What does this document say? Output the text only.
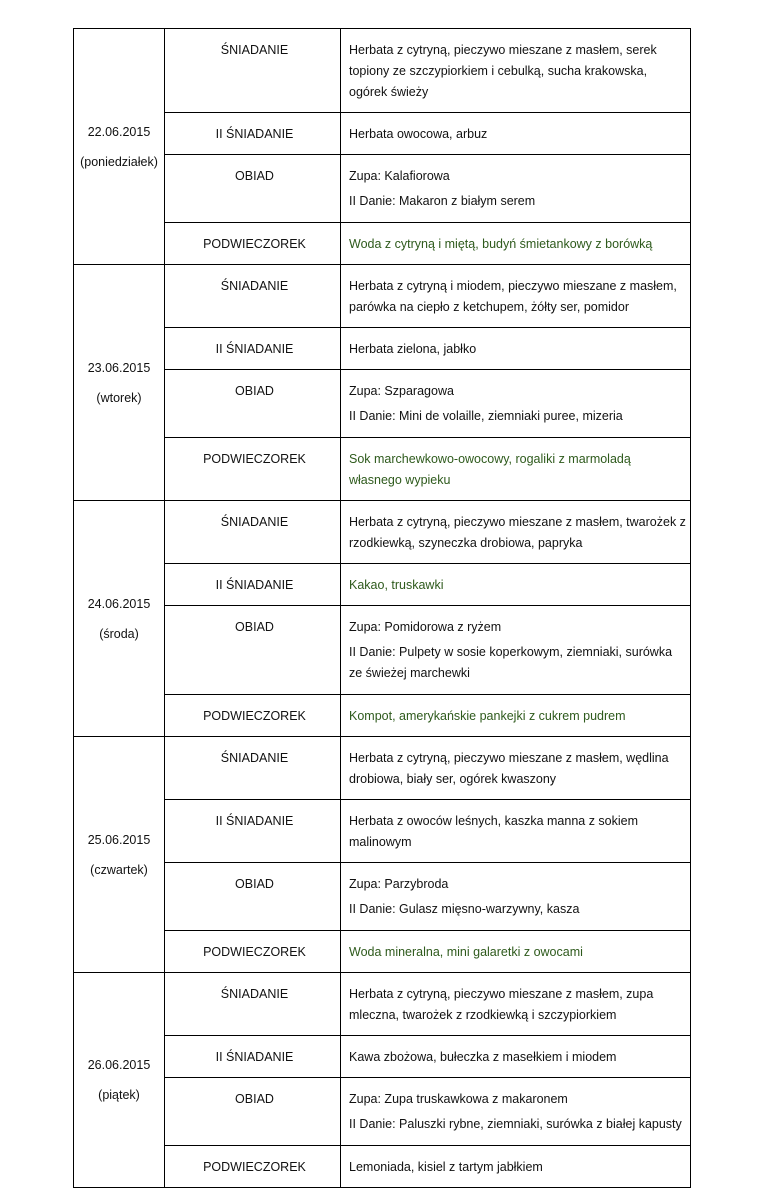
22.06.2015
(poniedziałek)	ŚNIADANIE	Herbata z cytryną, pieczywo mieszane z masłem, serek topiony ze szczypiorkiem i cebulką, sucha krakowska, ogórek świeży

	II ŚNIADANIE	Herbata owocowa, arbuz

	OBIAD	Zupa: Kalafiorowa
II Danie: Makaron z białym serem

	PODWIECZOREK	Woda z cytryną i miętą, budyń śmietankowy z borówką

23.06.2015
(wtorek)	ŚNIADANIE	Herbata z cytryną i miodem, pieczywo mieszane z masłem, parówka na ciepło z ketchupem, żółty ser, pomidor

	II ŚNIADANIE	Herbata zielona, jabłko

	OBIAD	Zupa: Szparagowa
II Danie: Mini de volaille, ziemniaki puree, mizeria

	PODWIECZOREK	Sok marchewkowo-owocowy, rogaliki z marmoladą własnego wypieku

24.06.2015
(środa)	ŚNIADANIE	Herbata z cytryną, pieczywo mieszane z masłem, twarożek z rzodkiewką, szyneczka drobiowa, papryka

	II ŚNIADANIE	Kakao, truskawki

	OBIAD	Zupa: Pomidorowa z ryżem
II Danie: Pulpety w sosie koperkowym, ziemniaki, surówka ze świeżej marchewki

	PODWIECZOREK	Kompot, amerykańskie pankejki z cukrem pudrem

25.06.2015
(czwartek)	ŚNIADANIE	Herbata z cytryną, pieczywo mieszane z masłem, wędlina drobiowa, biały ser, ogórek kwaszony

	II ŚNIADANIE	Herbata z owoców leśnych, kaszka manna z sokiem malinowym

	OBIAD	Zupa: Parzybroda
II Danie: Gulasz mięsno-warzywny, kasza

	PODWIECZOREK	Woda mineralna, mini galaretki z owocami

26.06.2015
(piątek)	ŚNIADANIE	Herbata z cytryną, pieczywo mieszane z masłem, zupa mleczna, twarożek z rzodkiewką i szczypiorkiem

	II ŚNIADANIE	Kawa zbożowa, bułeczka z masełkiem i miodem

	OBIAD	Zupa: Zupa truskawkowa z makaronem
II Danie: Paluszki rybne, ziemniaki, surówka z białej kapusty

	PODWIECZOREK	Lemoniada, kisiel z tartym jabłkiem
